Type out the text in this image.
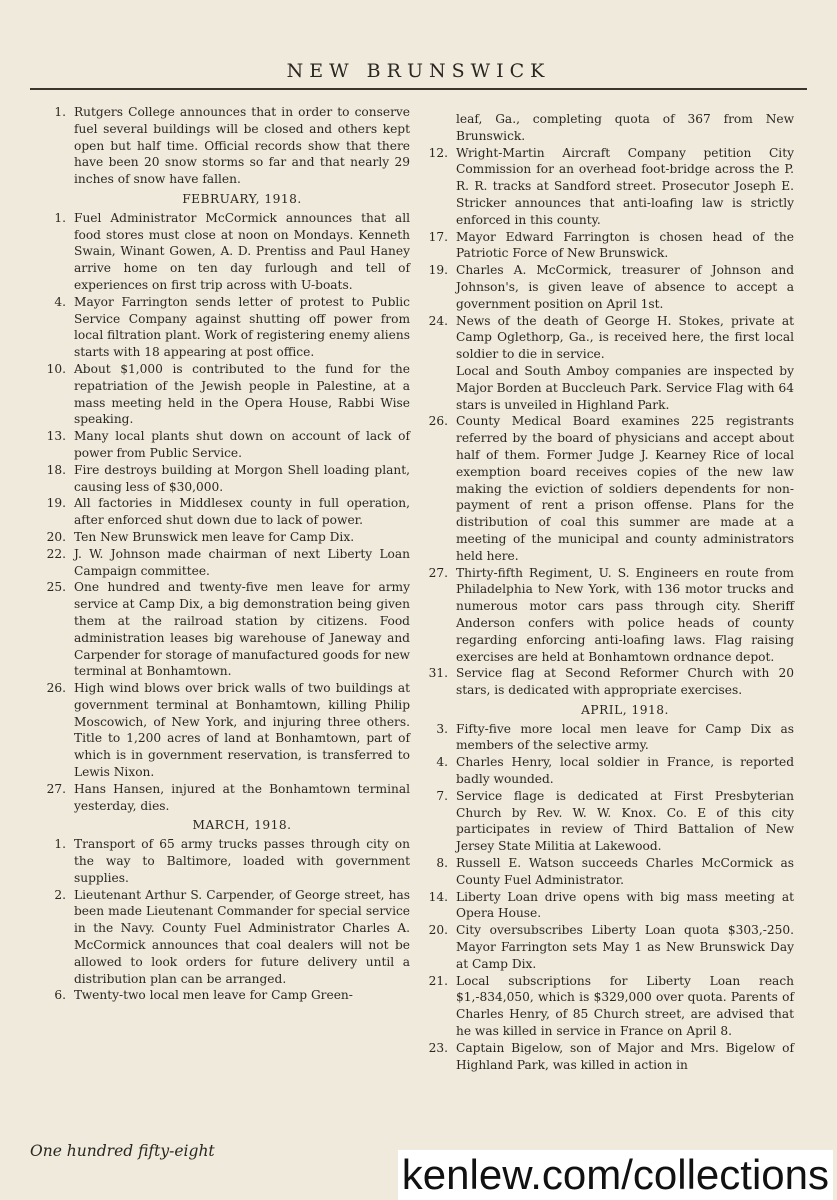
NEW BRUNSWICK
1. Rutgers College announces that in order to conserve fuel several buildings will be closed and others kept open but half time. Official records show that there have been 20 snow storms so far and that nearly 29 inches of snow have fallen.
FEBRUARY, 1918.
1. Fuel Administrator McCormick announces that all food stores must close at noon on Mondays. Kenneth Swain, Winant Gowen, A. D. Prentiss and Paul Haney arrive home on ten day furlough and tell of experiences on first trip across with U-boats.
4. Mayor Farrington sends letter of protest to Public Service Company against shutting off power from local filtration plant. Work of registering enemy aliens starts with 18 appearing at post office.
10. About $1,000 is contributed to the fund for the repatriation of the Jewish people in Palestine, at a mass meeting held in the Opera House, Rabbi Wise speaking.
13. Many local plants shut down on account of lack of power from Public Service.
18. Fire destroys building at Morgon Shell loading plant, causing less of $30,000.
19. All factories in Middlesex county in full operation, after enforced shut down due to lack of power.
20. Ten New Brunswick men leave for Camp Dix.
22. J. W. Johnson made chairman of next Liberty Loan Campaign committee.
25. One hundred and twenty-five men leave for army service at Camp Dix, a big demonstration being given them at the railroad station by citizens. Food administration leases big warehouse of Janeway and Carpender for storage of manufactured goods for new terminal at Bonhamtown.
26. High wind blows over brick walls of two buildings at government terminal at Bonhamtown, killing Philip Moscowich, of New York, and injuring three others. Title to 1,200 acres of land at Bonhamtown, part of which is in government reservation, is transferred to Lewis Nixon.
27. Hans Hansen, injured at the Bonhamtown terminal yesterday, dies.
MARCH, 1918.
1. Transport of 65 army trucks passes through city on the way to Baltimore, loaded with government supplies.
2. Lieutenant Arthur S. Carpender, of George street, has been made Lieutenant Commander for special service in the Navy. County Fuel Administrator Charles A. McCormick announces that coal dealers will not be allowed to look orders for future delivery until a distribution plan can be arranged.
6. Twenty-two local men leave for Camp Green-
leaf, Ga., completing quota of 367 from New Brunswick.
12. Wright-Martin Aircraft Company petition City Commission for an overhead foot-bridge across the P. R. R. tracks at Sandford street. Prosecutor Joseph E. Stricker announces that anti-loafing law is strictly enforced in this county.
17. Mayor Edward Farrington is chosen head of the Patriotic Force of New Brunswick.
19. Charles A. McCormick, treasurer of Johnson and Johnson's, is given leave of absence to accept a government position on April 1st.
24. News of the death of George H. Stokes, private at Camp Oglethorp, Ga., is received here, the first local soldier to die in service.
Local and South Amboy companies are inspected by Major Borden at Buccleuch Park. Service Flag with 64 stars is unveiled in Highland Park.
26. County Medical Board examines 225 registrants referred by the board of physicians and accept about half of them. Former Judge J. Kearney Rice of local exemption board receives copies of the new law making the eviction of soldiers dependents for non-payment of rent a prison offense. Plans for the distribution of coal this summer are made at a meeting of the municipal and county administrators held here.
27. Thirty-fifth Regiment, U. S. Engineers en route from Philadelphia to New York, with 136 motor trucks and numerous motor cars pass through city. Sheriff Anderson confers with police heads of county regarding enforcing anti-loafing laws. Flag raising exercises are held at Bonhamtown ordnance depot.
31. Service flag at Second Reformer Church with 20 stars, is dedicated with appropriate exercises.
APRIL, 1918.
3. Fifty-five more local men leave for Camp Dix as members of the selective army.
4. Charles Henry, local soldier in France, is reported badly wounded.
7. Service flage is dedicated at First Presbyterian Church by Rev. W. W. Knox. Co. E of this city participates in review of Third Battalion of New Jersey State Militia at Lakewood.
8. Russell E. Watson succeeds Charles McCormick as County Fuel Administrator.
14. Liberty Loan drive opens with big mass meeting at Opera House.
20. City oversubscribes Liberty Loan quota $303,-250. Mayor Farrington sets May 1 as New Brunswick Day at Camp Dix.
21. Local subscriptions for Liberty Loan reach $1,-834,050, which is $329,000 over quota. Parents of Charles Henry, of 85 Church street, are advised that he was killed in service in France on April 8.
23. Captain Bigelow, son of Major and Mrs. Bigelow of Highland Park, was killed in action in
One hundred fifty-eight	kenlew.com/collections
